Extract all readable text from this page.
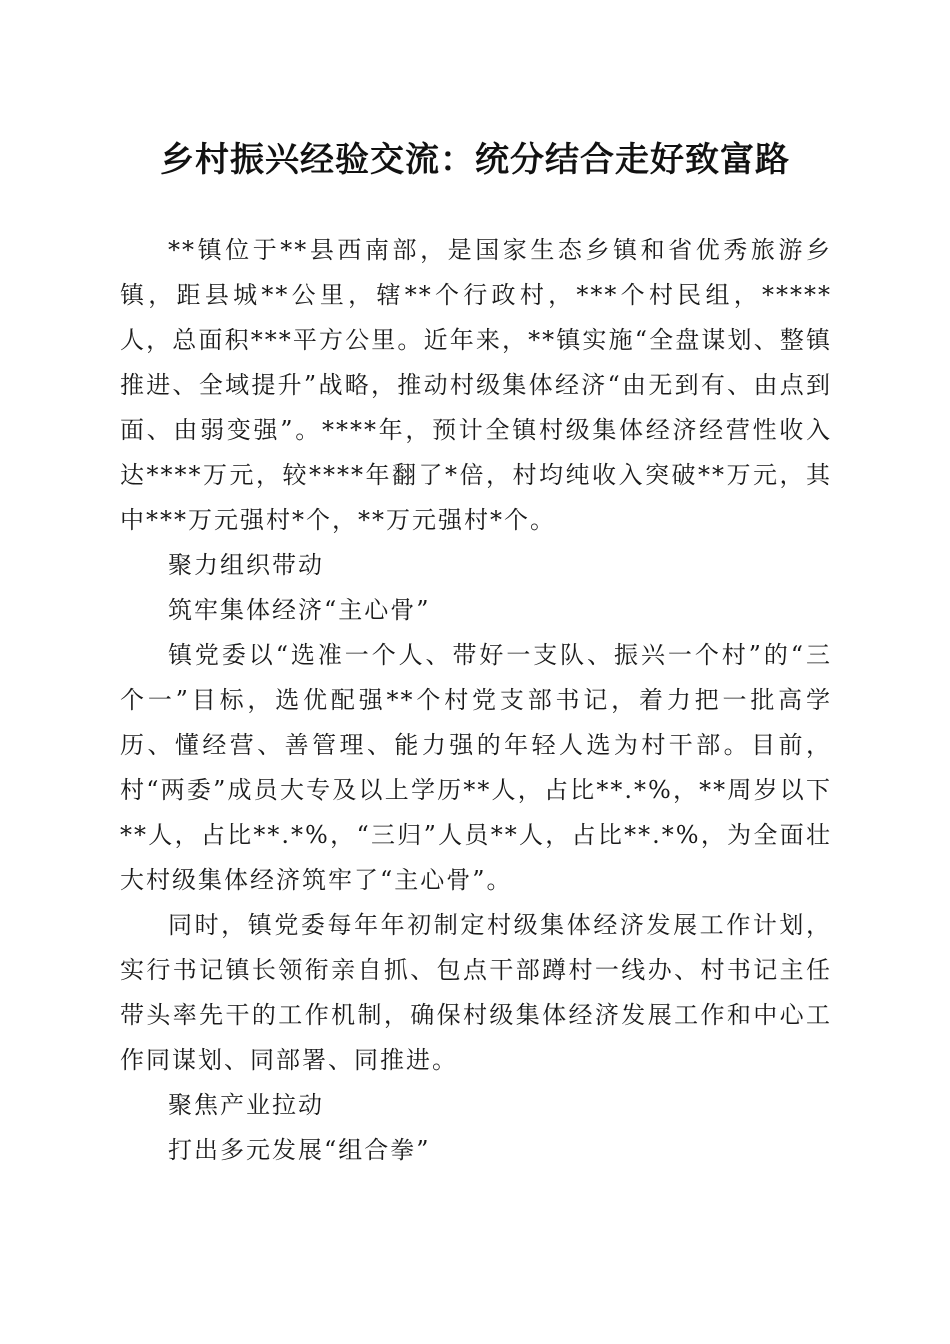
乡村振兴经验交流：统分结合走好致富路

**镇位于**县西南部，是国家生态乡镇和省优秀旅游乡镇，距县城**公里，辖**个行政村，***个村民组，*****人，总面积***平方公里。近年来，**镇实施“全盘谋划、整镇推进、全域提升”战略，推动村级集体经济“由无到有、由点到面、由弱变强”。****年，预计全镇村级集体经济经营性收入达****万元，较****年翻了*倍，村均纯收入突破**万元，其中***万元强村*个，**万元强村*个。

聚力组织带动

筑牢集体经济“主心骨”

镇党委以“选准一个人、带好一支队、振兴一个村”的“三个一”目标，选优配强**个村党支部书记，着力把一批高学历、懂经营、善管理、能力强的年轻人选为村干部。目前，村“两委”成员大专及以上学历**人，占比**.*%，**周岁以下**人，占比**.*%，“三归”人员**人，占比**.*%，为全面壮大村级集体经济筑牢了“主心骨”。

同时，镇党委每年年初制定村级集体经济发展工作计划，实行书记镇长领衔亲自抓、包点干部蹲村一线办、村书记主任带头率先干的工作机制，确保村级集体经济发展工作和中心工作同谋划、同部署、同推进。

聚焦产业拉动

打出多元发展“组合拳”
